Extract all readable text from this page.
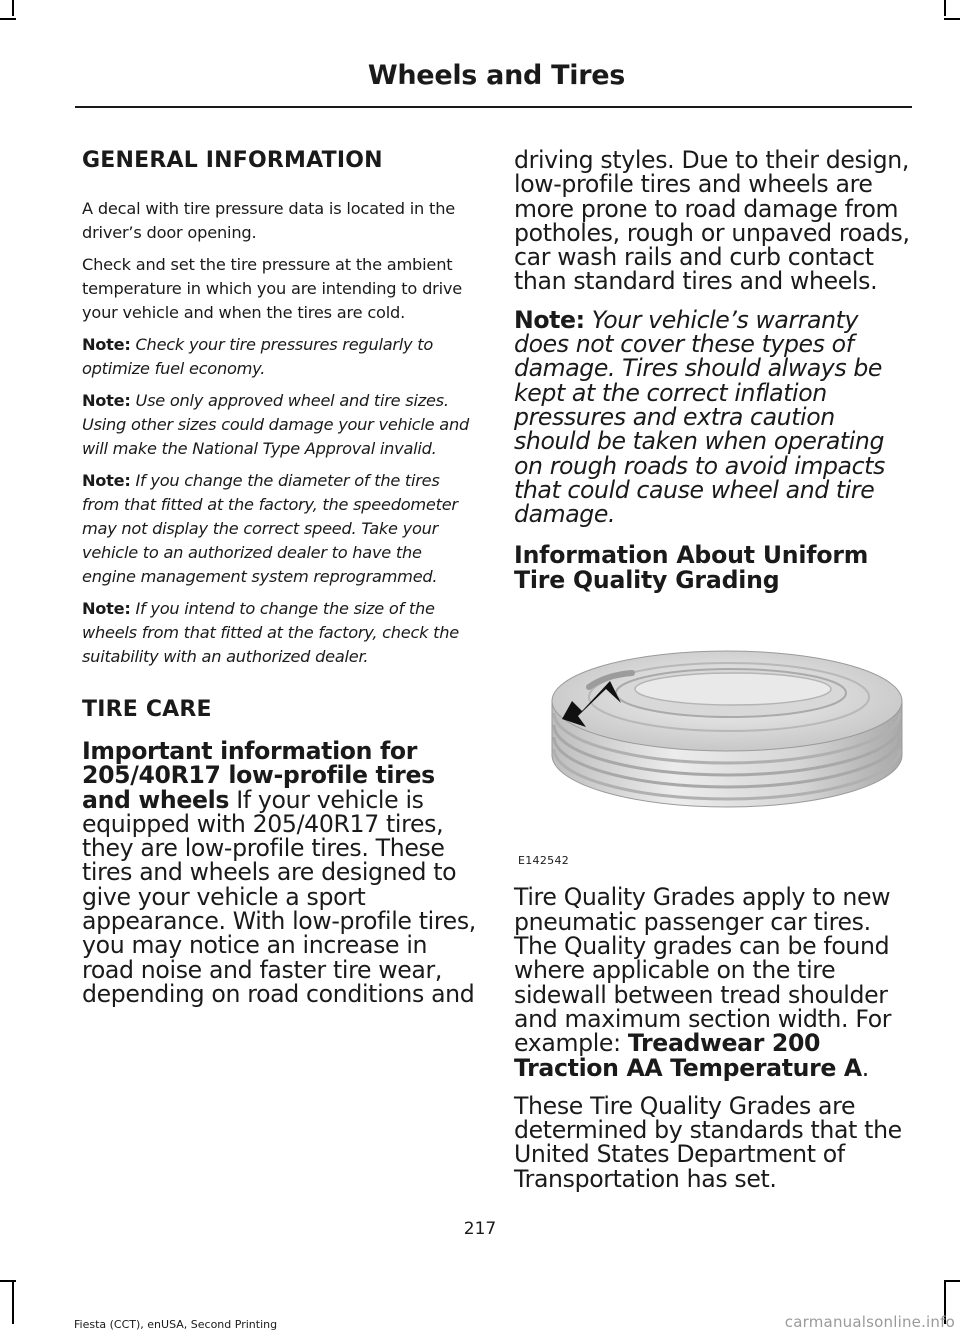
Wheels and Tires
GENERAL INFORMATION

A decal with tire pressure data is located in the driver’s door opening.

Check and set the tire pressure at the ambient temperature in which you are intending to drive your vehicle and when the tires are cold.

Note: Check your tire pressures regularly to optimize fuel economy.

Note: Use only approved wheel and tire sizes. Using other sizes could damage your vehicle and will make the National Type Approval invalid.

Note: If you change the diameter of the tires from that fitted at the factory, the speedometer may not display the correct speed. Take your vehicle to an authorized dealer to have the engine management system reprogrammed.

Note: If you intend to change the size of the wheels from that fitted at the factory, check the suitability with an authorized dealer.

TIRE CARE

Important information for 205/40R17 low-profile tires and wheels If your vehicle is equipped with 205/40R17 tires, they are low-profile tires. These tires and wheels are designed to give your vehicle a sport appearance. With low-profile tires, you may notice an increase in road noise and faster tire wear, depending on road conditions and

driving styles. Due to their design, low-profile tires and wheels are more prone to road damage from potholes, rough or unpaved roads, car wash rails and curb contact than standard tires and wheels.

Note: Your vehicle’s warranty does not cover these types of damage. Tires should always be kept at the correct inflation pressures and extra caution should be taken when operating on rough roads to avoid impacts that could cause wheel and tire damage.

Information About Uniform Tire Quality Grading
E142542

Tire Quality Grades apply to new pneumatic passenger car tires. The Quality grades can be found where applicable on the tire sidewall between tread shoulder and maximum section width. For example: Treadwear 200 Traction AA Temperature A.

These Tire Quality Grades are determined by standards that the United States Department of Transportation has set.

217
Fiesta (CCT), enUSA, Second Printing	carmanualsonline.info
